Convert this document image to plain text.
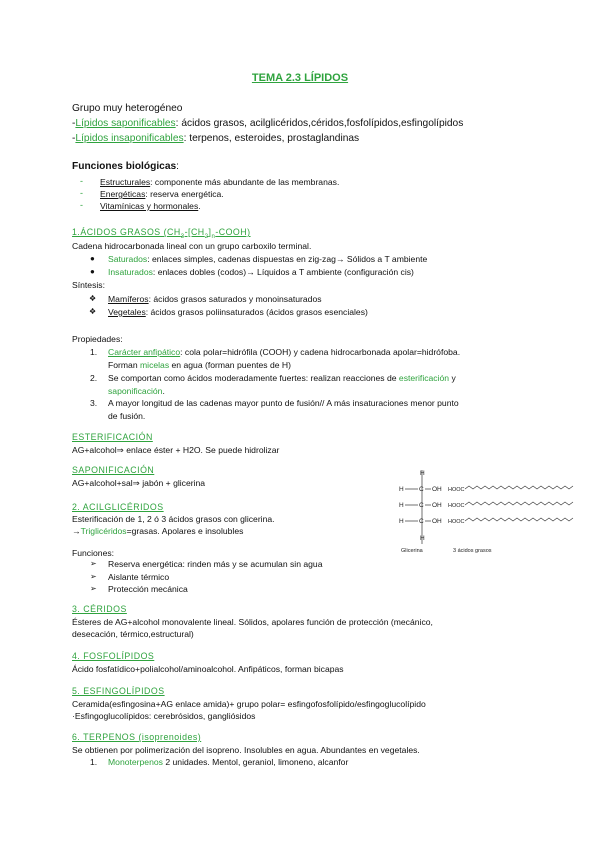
TEMA 2.3 LÍPIDOS
Grupo muy heterogéneo
-Lípidos saponificables: ácidos grasos, acilglicéridos,céridos,fosfolípidos,esfingolípidos
-Lípidos insaponificables: terpenos, esteroides, prostaglandinas
Funciones biológicas:
- Estructurales: componente más abundante de las membranas.
- Energéticas: reserva energética.
- Vitamínicas y hormonales.
1.ÁCIDOS GRASOS $(CH_3-[CH_2]_n-COOH)$
Cadena hidrocarbonada lineal con un grupo carboxilo terminal.
● Saturados: enlaces simples, cadenas dispuestas en zig-zag→ Sólidos a T ambiente
● Insaturados: enlaces dobles (codos)→ Líquidos a T ambiente (configuración cis)
Síntesis:
❖ Mamíferos: ácidos grasos saturados y monoinsaturados
❖ Vegetales: ácidos grasos poliinsaturados (ácidos grasos esenciales)
Propiedades:
1. Carácter anfipático: cola polar=hidrófila (COOH) y cadena hidrocarbonada apolar=hidrófoba.
Forman micelas en agua (forman puentes de H)
2. Se comportan como ácidos moderadamente fuertes: realizan reacciones de esterificación y
saponificación.
3. A mayor longitud de las cadenas mayor punto de fusión// A más insaturaciones menor punto
de fusión.
ESTERIFICACIÓN
AG+alcohol⇒ enlace éster + H2O. Se puede hidrolizar
SAPONIFICACIÓN
AG+alcohol+sal⇒ jabón + glicerina
2. ACILGLICÉRIDOS
Esterificación de 1, 2 ó 3 ácidos grasos con glicerina.
→Triglicéridos=grasas. Apolares e insolubles
Funciones:
➢ Reserva energética: rinden más y se acumulan sin agua
➢ Aislante térmico
➢ Protección mecánica
H
H C OH
H C OH
H C OH
H
Glicerina
HOOC
HOOC
HOOC
3 ácidos grasos
3. CÉRIDOS
Ésteres de AG+alcohol monovalente lineal. Sólidos, apolares función de protección (mecánico,
desecación, térmico,estructural)
4. FOSFOLÍPIDOS
Ácido fosfatídico+polialcohol/aminoalcohol. Anfipáticos, forman bicapas
5. ESFINGOLÍPIDOS
Ceramida(esfingosina+AG enlace amida)+ grupo polar= esfingofosfolípido/esfingoglucolípido
·Esfingoglucolípidos: cerebrósidos, gangliósidos
6. TERPENOS (isoprenoides)
Se obtienen por polimerización del isopreno. Insolubles en agua. Abundantes en vegetales.
1. Monoterpenos 2 unidades. Mentol, geraniol, limoneno, alcanfor
